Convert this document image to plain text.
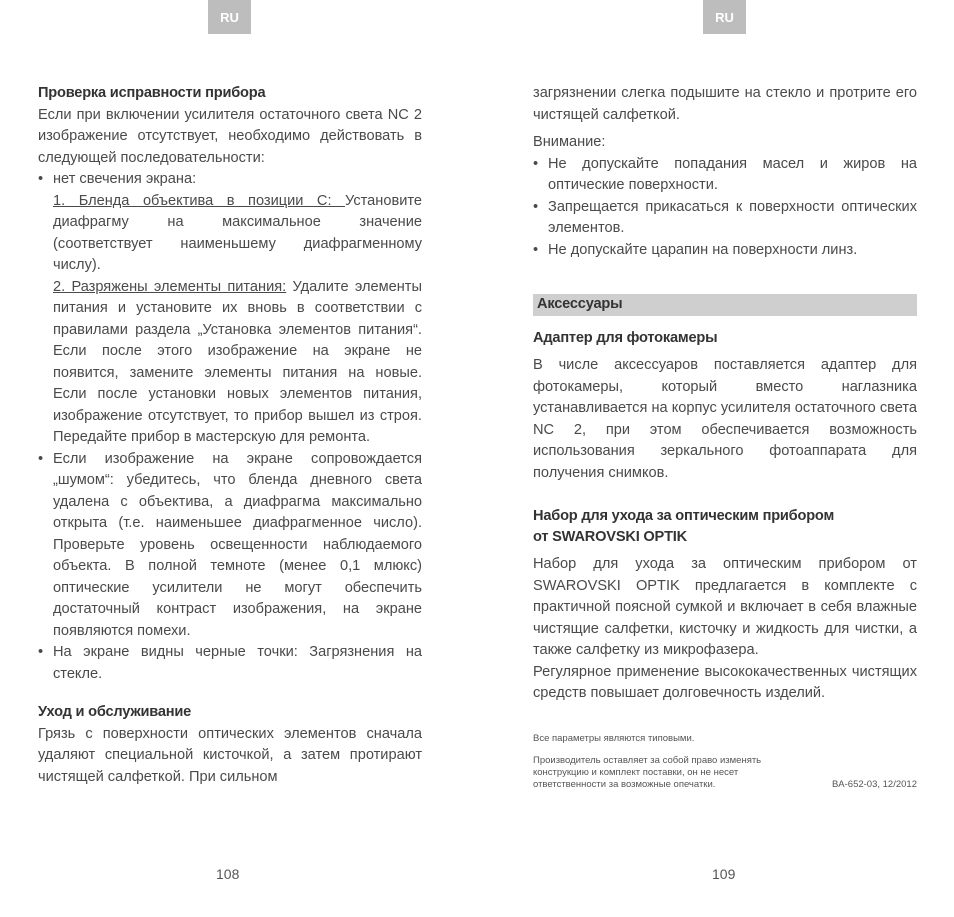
RU	RU
Проверка исправности прибора

Если при включении усилителя остаточного света NC 2 изображение отсутствует, необходимо действовать в следующей последовательности:

• нет свечения экрана:
1. Бленда объектива в позиции C: Установите диафрагму на максимальное значение (соответствует наименьшему диафрагменному числу).
2. Разряжены элементы питания: Удалите элементы питания и установите их вновь в соответствии с правилами раздела „Установка элементов питания“. Если после этого изображение на экране не появится, замените элементы питания на новые. Если после установки новых элементов питания, изображение отсутствует, то прибор вышел из строя. Передайте прибор в мастерскую для ремонта.
• Если изображение на экране сопровождается „шумом“: убедитесь, что бленда дневного света удалена с объектива, а диафрагма максимально открыта (т.е. наименьшее диафрагменное число). Проверьте уровень освещенности наблюдаемого объекта. В полной темноте (менее 0,1 млюкс) оптические усилители не могут обеспечить достаточный контраст изображения, на экране появляются помехи.
• На экране видны черные точки: Загрязнения на стекле.
Уход и обслуживание

Грязь с поверхности оптических элементов сначала удаляют специальной кисточкой, а затем протирают чистящей салфеткой. При сильном

108

загрязнении слегка подышите на стекло и протрите его чистящей салфеткой.

Внимание:

• Не допускайте попадания масел и жиров на оптические поверхности.
• Запрещается прикасаться к поверхности оптических элементов.
• Не допускайте царапин на поверхности линз.
Аксессуары
Адаптер для фотокамеры

В числе аксессуаров поставляется адаптер для фотокамеры, который вместо наглазника устанавливается на корпус усилителя остаточного света NC 2, при этом обеспечивается возможность использования зеркального фотоаппарата для получения снимков.

Набор для ухода за оптическим прибором
от SWAROVSKI OPTIK

Набор для ухода за оптическим прибором от SWAROVSKI OPTIK предлагается в комплекте с практичной поясной сумкой и включает в себя влажные чистящие салфетки, кисточку и жидкость для чистки, а также салфетку из микрофазера.

Регулярное применение высококачественных чистящих средств повышает долговечность изделий.

Все параметры являются типовыми.
Производитель оставляет за собой право изменять
конструкцию и комплект поставки, он не несет
ответственности за возможные опечатки.	BA-652-03, 12/2012
109
